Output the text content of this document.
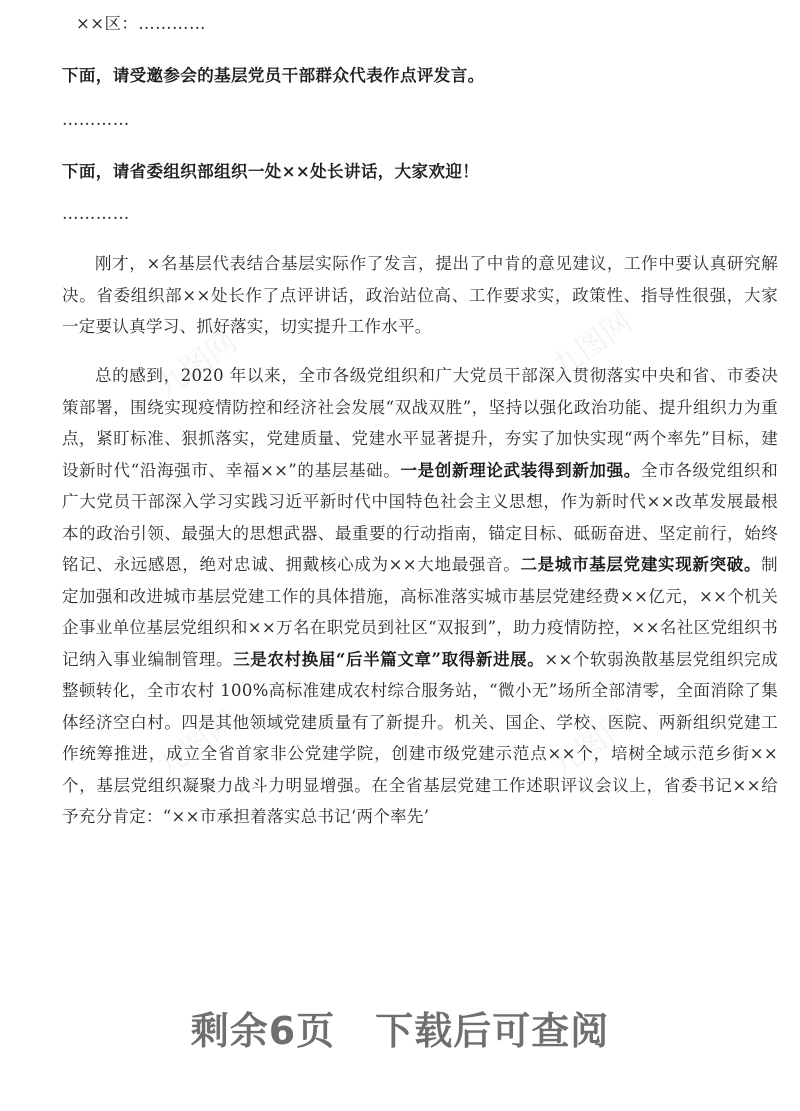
九图网	九图网
九图网	九图网
××区：…………
下面，请受邀参会的基层党员干部群众代表作点评发言。
…………
下面，请省委组织部组织一处××处长讲话，大家欢迎！
…………
刚才，×名基层代表结合基层实际作了发言，提出了中肯的意见建议，工作中要认真研究解决。省委组织部××处长作了点评讲话，政治站位高、工作要求实，政策性、指导性很强，大家一定要认真学习、抓好落实，切实提升工作水平。
总的感到，2020 年以来，全市各级党组织和广大党员干部深入贯彻落实中央和省、市委决策部署，围绕实现疫情防控和经济社会发展“双战双胜”，坚持以强化政治功能、提升组织力为重点，紧盯标准、狠抓落实，党建质量、党建水平显著提升，夯实了加快实现“两个率先”目标，建设新时代“沿海强市、幸福××”的基层基础。一是创新理论武装得到新加强。全市各级党组织和广大党员干部深入学习实践习近平新时代中国特色社会主义思想，作为新时代××改革发展最根本的政治引领、最强大的思想武器、最重要的行动指南，锚定目标、砥砺奋进、坚定前行，始终铭记、永远感恩，绝对忠诚、拥戴核心成为××大地最强音。二是城市基层党建实现新突破。制定加强和改进城市基层党建工作的具体措施，高标准落实城市基层党建经费××亿元，××个机关企事业单位基层党组织和××万名在职党员到社区“双报到”，助力疫情防控，××名社区党组织书记纳入事业编制管理。三是农村换届“后半篇文章”取得新进展。××个软弱涣散基层党组织完成整顿转化，全市农村 100%高标准建成农村综合服务站，“微小无”场所全部清零，全面消除了集体经济空白村。四是其他领域党建质量有了新提升。机关、国企、学校、医院、两新组织党建工作统筹推进，成立全省首家非公党建学院，创建市级党建示范点××个，培树全域示范乡街××个，基层党组织凝聚力战斗力明显增强。在全省基层党建工作述职评议会议上，省委书记××给予充分肯定：“××市承担着落实总书记‘两个率先’
剩余6页 下载后可查阅
